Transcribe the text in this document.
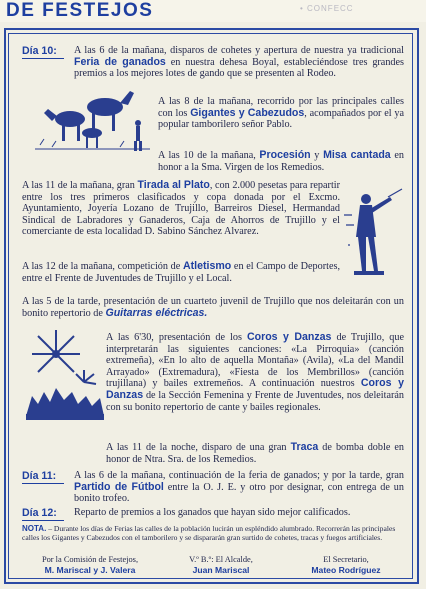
DE FESTEJOS	• CONFECC
Día 10: A las 6 de la mañana, disparos de cohetes y apertura de nuestra ya tradicional Feria de ganados en nuestra dehesa Boyal, estableciéndose tres grandes premios a los mejores lotes de gando que se presenten al Rodeo.
A las 8 de la mañana, recorrido por las principales calles con los Gigantes y Cabezudos, acompañados por el ya popular tamborilero señor Pablo.
A las 10 de la mañana, Procesión y Misa cantada en honor a la Sma. Virgen de los Remedios.
A las 11 de la mañana, gran Tirada al Plato, con 2.000 pesetas para repartir entre los tres primeros clasificados y copa donada por el Excmo. Ayuntamiento, Joyería Lozano de Trujillo, Barreiros Diesel, Hermandad Sindical de Labradores y Ganaderos, Caja de Ahorros de Trujillo y el comerciante de esta localidad D. Sabino Sánchez Alvarez.
A las 12 de la mañana, competición de Atletismo en el Campo de Deportes, entre el Frente de Juventudes de Trujillo y el Local.
A las 5 de la tarde, presentación de un cuarteto juvenil de Trujillo que nos deleitarán con un bonito repertorio de Guitarras eléctricas.
A las 6'30, presentación de los Coros y Danzas de Trujillo, que interpretarán las siguientes canciones: «La Pirroquia» (canción extremeña), «En lo alto de aquella Montaña» (Avila), «La del Mandil Arrayado» (Extremadura), «Fiesta de los Membrillos» (canción trujillana) y bailes extremeños. A continuación nuestros Coros y Danzas de la Sección Femenina y Frente de Juventudes, nos deleitarán con su bonito repertorio de cante y bailes regionales.
A las 11 de la noche, disparo de una gran Traca de bomba doble en honor de Ntra. Sra. de los Remedios.
Día 11: A las 6 de la mañana, continuación de la feria de ganados; y por la tarde, gran Partido de Fútbol entre la O. J. E. y otro por designar, con entrega de un bonito trofeo.
Día 12: Reparto de premios a los ganados que hayan sido mejor calificados.
NOTA. – Durante los días de Ferias las calles de la población lucirán un espléndido alumbrado. Recorrerán las principales calles los Gigantes y Cabezudos con el tamborilero y se dispararán gran surtido de cohetes, tracas y fuegos artificiales.
Por la Comisión de Festejos,
M. Mariscal y J. Valera
V.º B.º: El Alcalde,
Juan Mariscal
El Secretario,
Mateo Rodríguez
